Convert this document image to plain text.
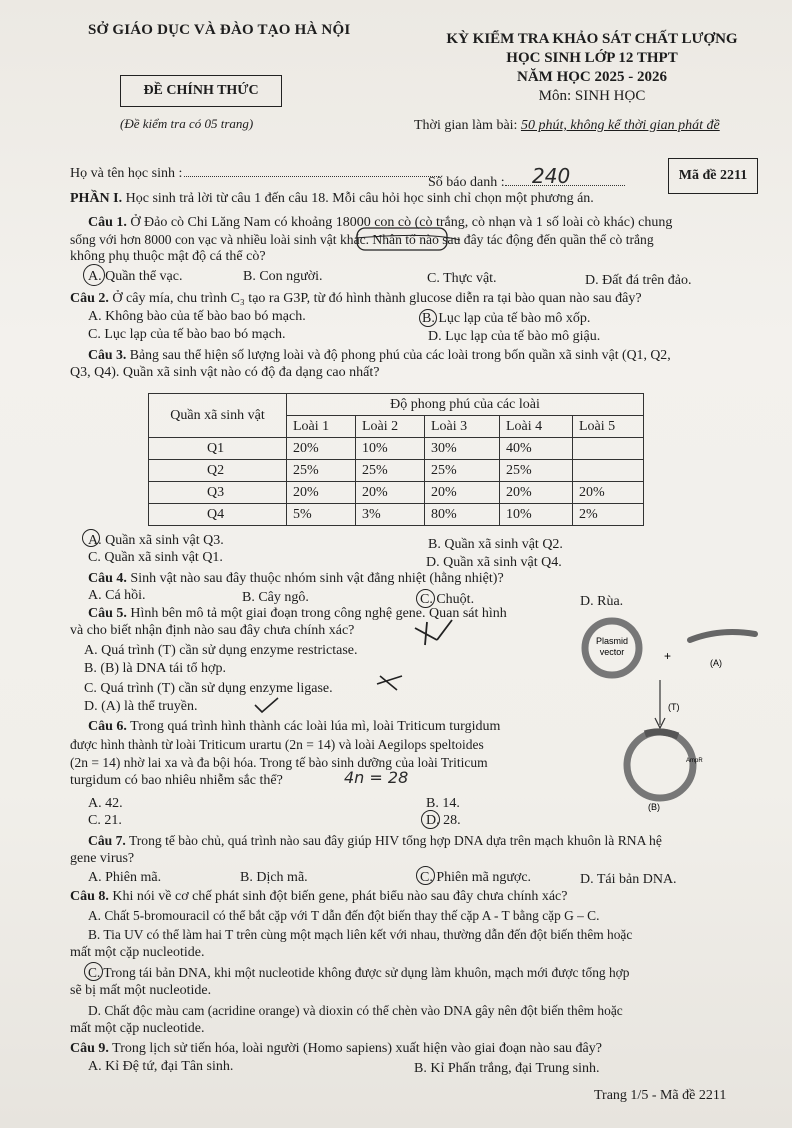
SỞ GIÁO DỤC VÀ ĐÀO TẠO HÀ NỘI
KỲ KIỂM TRA KHẢO SÁT CHẤT LƯỢNG
HỌC SINH LỚP 12 THPT
NĂM HỌC 2025 - 2026
Môn: SINH HỌC
ĐỀ CHÍNH THỨC
(Đề kiểm tra có 05 trang)	Thời gian làm bài: 50 phút, không kể thời gian phát đề
Họ và tên học sinh :
Số báo danh :	240	Mã đề 2211
PHẦN I. Học sinh trả lời từ câu 1 đến câu 18. Mỗi câu hỏi học sinh chỉ chọn một phương án.
Câu 1. Ở Đảo cò Chi Lăng Nam có khoảng 18000 con cò (cò trắng, cò nhạn và 1 số loài cò khác) chung
sống với hơn 8000 con vạc và nhiều loài sinh vật khác. Nhân tố nào sau đây tác động đến quần thể cò trắng
không phụ thuộc mật độ cá thể cò?
A. Quần thể vạc.	B. Con người.	C. Thực vật.	D. Đất đá trên đảo.
Câu 2. Ở cây mía, chu trình C₃ tạo ra G3P, từ đó hình thành glucose diễn ra tại bào quan nào sau đây?
A. Không bào của tế bào bao bó mạch.	B. Lục lạp của tế bào mô xốp.
C. Lục lạp của tế bào bao bó mạch.	D. Lục lạp của tế bào mô giậu.
Câu 3. Bảng sau thể hiện số lượng loài và độ phong phú của các loài trong bốn quần xã sinh vật (Q1, Q2,
Q3, Q4). Quần xã sinh vật nào có độ đa dạng cao nhất?
Quần xã sinh vật	Độ phong phú của các loài				
	Loài 1	Loài 2	Loài 3	Loài 4	Loài 5
Q1	20%	10%	30%	40%	
Q2	25%	25%	25%	25%	
Q3	20%	20%	20%	20%	20%
Q4	5%	3%	80%	10%	2%
A. Quần xã sinh vật Q3.	B. Quần xã sinh vật Q2.
C. Quần xã sinh vật Q1.	D. Quần xã sinh vật Q4.
Câu 4. Sinh vật nào sau đây thuộc nhóm sinh vật đẳng nhiệt (hằng nhiệt)?
A. Cá hồi.	B. Cây ngô.	C. Chuột.	D. Rùa.
Câu 5. Hình bên mô tả một giai đoạn trong công nghệ gene. Quan sát hình
và cho biết nhận định nào sau đây chưa chính xác?
A. Quá trình (T) cần sử dụng enzyme restrictase.
B. (B) là DNA tái tổ hợp.
C. Quá trình (T) cần sử dụng enzyme ligase.
D. (A) là thể truyền.
Plasmid
vector	+	(A)
(T)
AmpR
(B)
Câu 6. Trong quá trình hình thành các loài lúa mì, loài Triticum turgidum
được hình thành từ loài Triticum urartu (2n = 14) và loài Aegilops speltoides
(2n = 14) nhờ lai xa và đa bội hóa. Trong tế bào sinh dưỡng của loài Triticum
turgidum có bao nhiêu nhiễm sắc thể?	4n = 28
A. 42.	B. 14.
C. 21.	D. 28.
Câu 7. Trong tế bào chủ, quá trình nào sau đây giúp HIV tổng hợp DNA dựa trên mạch khuôn là RNA hệ
gene virus?
A. Phiên mã.	B. Dịch mã.	C. Phiên mã ngược.	D. Tái bản DNA.
Câu 8. Khi nói về cơ chế phát sinh đột biến gene, phát biểu nào sau đây chưa chính xác?
A. Chất 5-bromouracil có thể bắt cặp với T dẫn đến đột biến thay thế cặp A - T bằng cặp G – C.
B. Tia UV có thể làm hai T trên cùng một mạch liên kết với nhau, thường dẫn đến đột biến thêm hoặc
mất một cặp nucleotide.
C. Trong tái bản DNA, khi một nucleotide không được sử dụng làm khuôn, mạch mới được tổng hợp
sẽ bị mất một nucleotide.
D. Chất độc màu cam (acridine orange) và dioxin có thể chèn vào DNA gây nên đột biến thêm hoặc
mất một cặp nucleotide.
Câu 9. Trong lịch sử tiến hóa, loài người (Homo sapiens) xuất hiện vào giai đoạn nào sau đây?
A. Kỉ Đệ tứ, đại Tân sinh.	B. Kỉ Phấn trắng, đại Trung sinh.
Trang 1/5 - Mã đề 2211
